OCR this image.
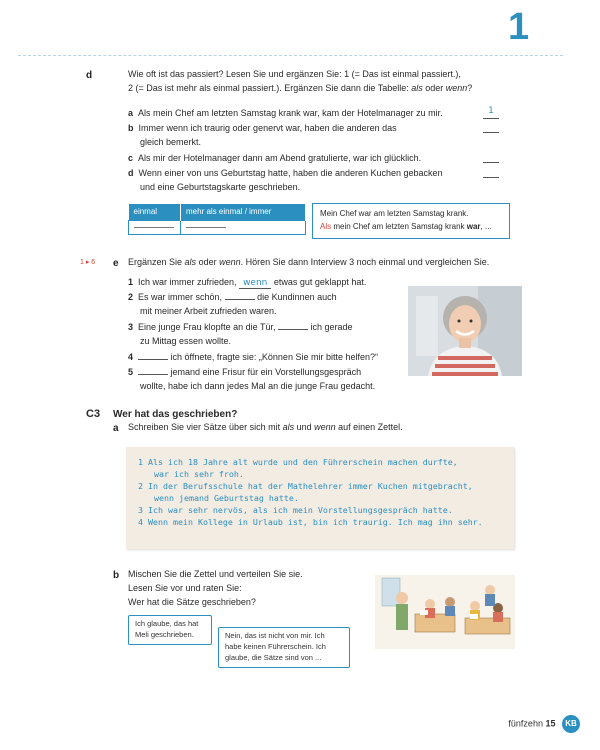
1
d	Wie oft ist das passiert? Lesen Sie und ergänzen Sie: 1 (= Das ist einmal passiert.),
2 (= Das ist mehr als einmal passiert.). Ergänzen Sie dann die Tabelle: als oder wenn?
a Als mein Chef am letzten Samstag krank war, kam der Hotelmanager zu mir.	1
b Immer wenn ich traurig oder genervt war, haben die anderen das
gleich bemerkt.
c Als mir der Hotelmanager dann am Abend gratulierte, war ich glücklich.
d Wenn einer von uns Geburtstag hatte, haben die anderen Kuchen gebacken
und eine Geburtstagskarte geschrieben.
einmal	mehr als einmal / immer
		Mein Chef war am letzten Samstag krank.
Als mein Chef am letzten Samstag krank war, ...
1 ▸ 6 e Ergänzen Sie als oder wenn. Hören Sie dann Interview 3 noch einmal und vergleichen Sie.
1 Ich war immer zufrieden, wenn etwas gut geklappt hat.
2 Es war immer schön,	die Kundinnen auch
mit meiner Arbeit zufrieden waren.
3 Eine junge Frau klopfte an die Tür,	ich gerade
zu Mittag essen wollte.
4	ich öffnete, fragte sie: „Können Sie mir bitte helfen?“
5	jemand eine Frisur für ein Vorstellungsgespräch
wollte, habe ich dann jedes Mal an die junge Frau gedacht.
C3 Wer hat das geschrieben?
a Schreiben Sie vier Sätze über sich mit als und wenn auf einen Zettel.
1 Als ich 18 Jahre alt wurde und den Führerschein machen durfte,
war ich sehr froh.
2 In der Berufsschule hat der Mathelehrer immer Kuchen mitgebracht,
wenn jemand Geburtstag hatte.
3 Ich war sehr nervös, als ich mein Vorstellungsgespräch hatte.
4 Wenn mein Kollege in Urlaub ist, bin ich traurig. Ich mag ihn sehr.
b Mischen Sie die Zettel und verteilen Sie sie.
Lesen Sie vor und raten Sie:
Wer hat die Sätze geschrieben?
Ich glaube, das hat
Meli geschrieben.	Nein, das ist nicht von mir. Ich
habe keinen Führerschein. Ich
glaube, die Sätze sind von ...
fünfzehn 15 KB
